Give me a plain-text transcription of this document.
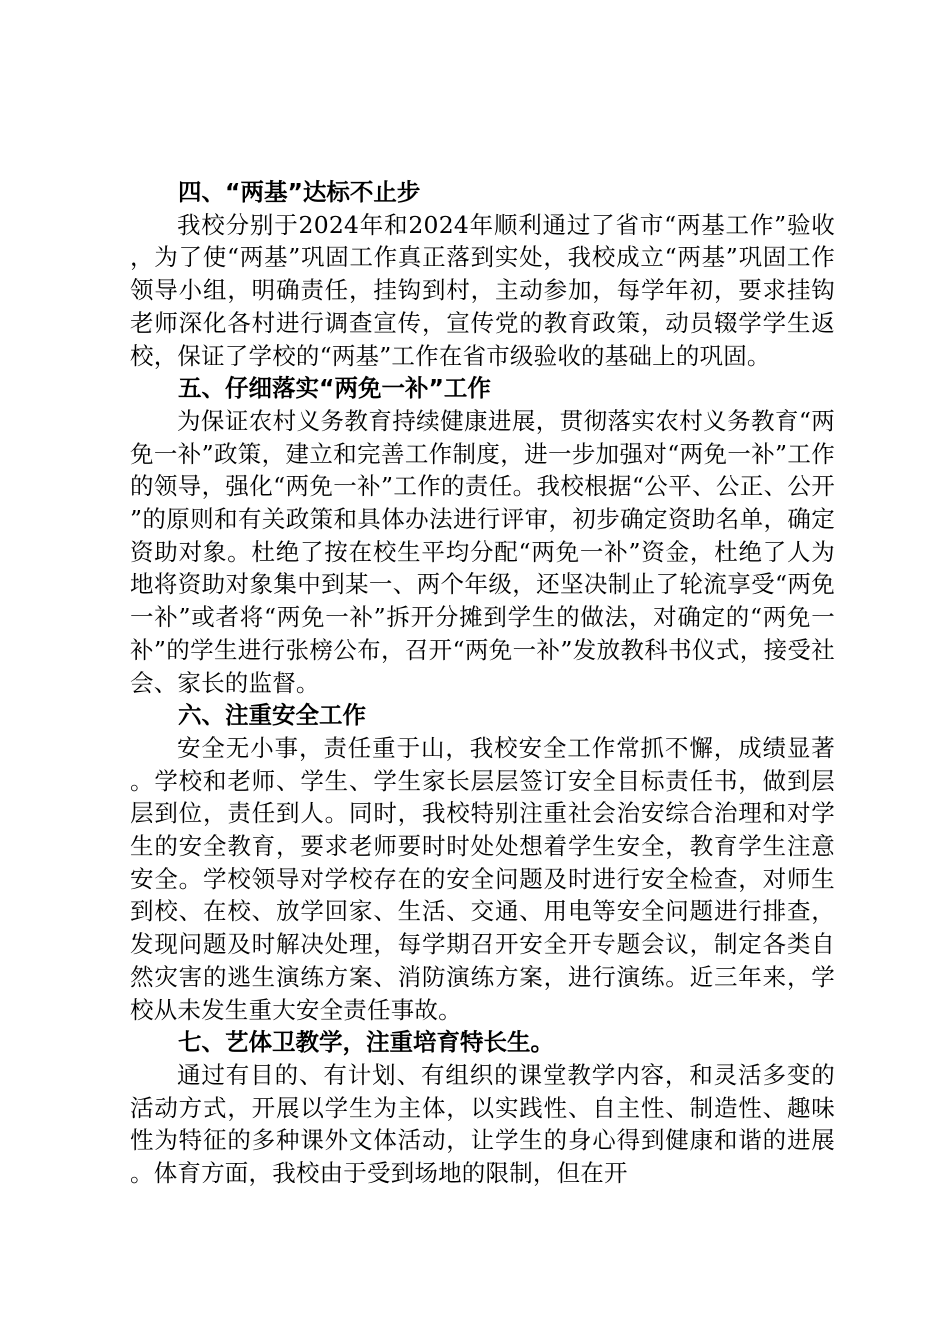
四、“两基”达标不止步

我校分别于2024年和2024年顺利通过了省市“两基工作”验收，为了使“两基”巩固工作真正落到实处，我校成立“两基”巩固工作领导小组，明确责任，挂钩到村，主动参加，每学年初，要求挂钩老师深化各村进行调查宣传，宣传党的教育政策，动员辍学学生返校，保证了学校的“两基”工作在省市级验收的基础上的巩固。

五、仔细落实“两免一补”工作

为保证农村义务教育持续健康进展，贯彻落实农村义务教育“两免一补”政策，建立和完善工作制度，进一步加强对“两免一补”工作的领导，强化“两免一补”工作的责任。我校根据“公平、公正、公开”的原则和有关政策和具体办法进行评审，初步确定资助名单，确定资助对象。杜绝了按在校生平均分配“两免一补”资金，杜绝了人为地将资助对象集中到某一、两个年级，还坚决制止了轮流享受“两免一补”或者将“两免一补”拆开分摊到学生的做法，对确定的“两免一补”的学生进行张榜公布，召开“两免一补”发放教科书仪式，接受社会、家长的监督。

六、注重安全工作

安全无小事，责任重于山，我校安全工作常抓不懈，成绩显著。学校和老师、学生、学生家长层层签订安全目标责任书，做到层层到位，责任到人。同时，我校特别注重社会治安综合治理和对学生的安全教育，要求老师要时时处处想着学生安全，教育学生注意安全。学校领导对学校存在的安全问题及时进行安全检查，对师生到校、在校、放学回家、生活、交通、用电等安全问题进行排查，发现问题及时解决处理，每学期召开安全开专题会议，制定各类自然灾害的逃生演练方案、消防演练方案，进行演练。近三年来，学校从未发生重大安全责任事故。

七、艺体卫教学，注重培育特长生。

通过有目的、有计划、有组织的课堂教学内容，和灵活多变的活动方式，开展以学生为主体，以实践性、自主性、制造性、趣味性为特征的多种课外文体活动，让学生的身心得到健康和谐的进展。体育方面，我校由于受到场地的限制，但在开
